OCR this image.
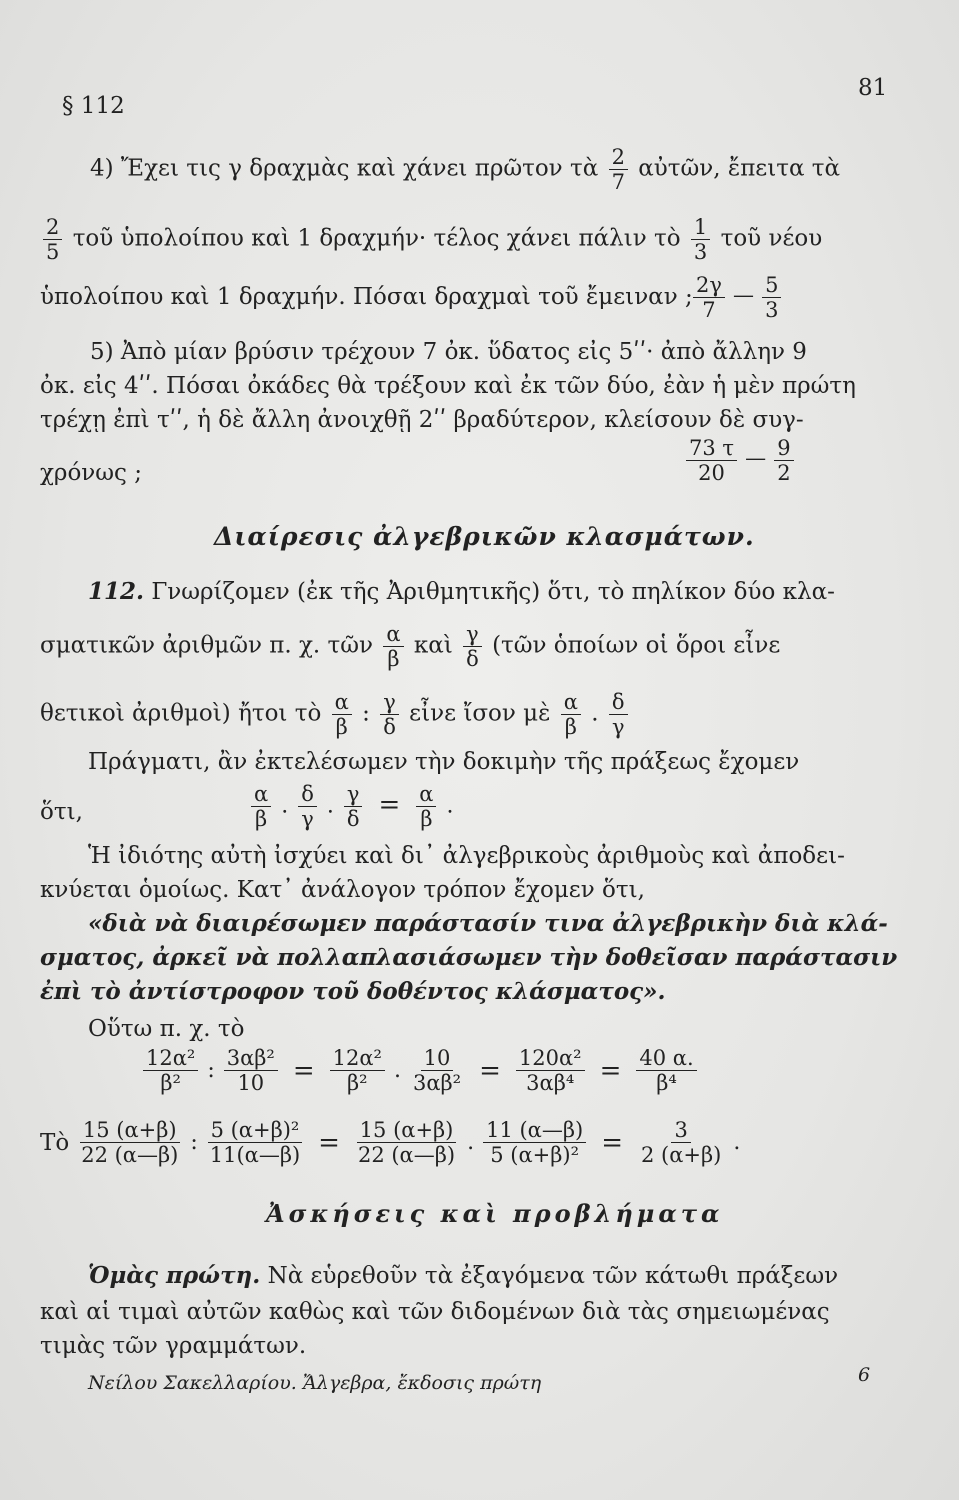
§ 112
81
4) Ἔχει τις γ δραχμὰς καὶ χάνει πρῶτον τὰ $\frac{2}{7}$ αὐτῶν, ἔπειτα τὰ
$\frac{2}{5}$ τοῦ ὑπολοίπου καὶ 1 δραχμήν· τέλος χάνει πάλιν τὸ $\frac{1}{3}$ τοῦ νέου
ὑπολοίπου καὶ 1 δραχμήν. Πόσαι δραχμαὶ τοῦ ἔμειναν ; $\frac{2\gamma}{7}$ — $\frac{5}{3}$
5) Ἀπὸ μίαν βρύσιν τρέχουν 7 ὀκ. ὕδατος εἰς 5ʹʹ· ἀπὸ ἄλλην 9
ὀκ. εἰς 4ʹʹ. Πόσαι ὀκάδες θὰ τρέξουν καὶ ἐκ τῶν δύο, ἐὰν ἡ μὲν πρώτη
τρέχῃ ἐπὶ τʹʹ, ἡ δὲ ἄλλη ἀνοιχθῇ 2ʹʹ βραδύτερον, κλείσουν δὲ συγ-
χρόνως ;	$\frac{73 \tau}{20}$ — $\frac{9}{2}$
Διαίρεσις ἀλγεβρικῶν κλασμάτων.
112. Γνωρίζομεν (ἐκ τῆς Ἀριθμητικῆς) ὅτι, τὸ πηλίκον δύο κλα-
σματικῶν ἀριθμῶν π. χ. τῶν $\frac{\alpha}{\beta}$ καὶ $\frac{\gamma}{\delta}$ (τῶν ὁποίων οἱ ὅροι εἶνε
θετικοὶ ἀριθμοὶ) ἤτοι τὸ $\frac{\alpha}{\beta}$ : $\frac{\gamma}{\delta}$ εἶνε ἴσον μὲ $\frac{\alpha}{\beta}$ . $\frac{\delta}{\gamma}$
Πράγματι, ἂν ἐκτελέσωμεν τὴν δοκιμὴν τῆς πράξεως ἔχομεν
ὅτι,	$\frac{\alpha}{\beta}$ . $\frac{\delta}{\gamma}$ . $\frac{\gamma}{\delta} = \frac{\alpha}{\beta}$ .
Ἡ ἰδιότης αὐτὴ ἰσχύει καὶ δι᾿ ἀλγεβρικοὺς ἀριθμοὺς καὶ ἀποδει-
κνύεται ὁμοίως. Κατ᾿ ἀνάλογον τρόπον ἔχομεν ὅτι,
«διὰ νὰ διαιρέσωμεν παράστασίν τινα ἀλγεβρικὴν διὰ κλά-
σματος, ἀρκεῖ νὰ πολλαπλασιάσωμεν τὴν δοθεῖσαν παράστασιν
ἐπὶ τὸ ἀντίστροφον τοῦ δοθέντος κλάσματος».
Οὕτω π. χ. τὸ
$\frac{\text{12α²}}{\text{β²}}$ : $\frac{\text{3αβ²}}{10} = \frac{\text{12α²}}{\text{β²}}$ . $\frac{10}{\text{3αβ²}} = \frac{\text{120α²}}{\text{3αβ⁴}} = \frac{40 \alpha.}{\text{β⁴}}$
Τὸ $\frac{15 (\alpha+\beta)}{22 (\alpha—\beta)}$ : $\frac{\text{5 (α+β)²}}{11(\alpha—\beta)} = \frac{15 (\alpha+\beta)}{22 (\alpha—\beta)}$ . $\frac{11 (\alpha—\beta)}{\text{5 (α+β)²}} = \frac{3}{2 (\alpha+\beta)}$ .
Ἀσκήσεις καὶ προβλήματα
Ὁμὰς πρώτη. Νὰ εὑρεθοῦν τὰ ἐξαγόμενα τῶν κάτωθι πράξεων
καὶ αἱ τιμαὶ αὐτῶν καθὼς καὶ τῶν διδομένων διὰ τὰς σημειωμένας
τιμὰς τῶν γραμμάτων.
Νείλου Σακελλαρίου. Ἄλγεβρα, ἔκδοσις πρώτη	6
